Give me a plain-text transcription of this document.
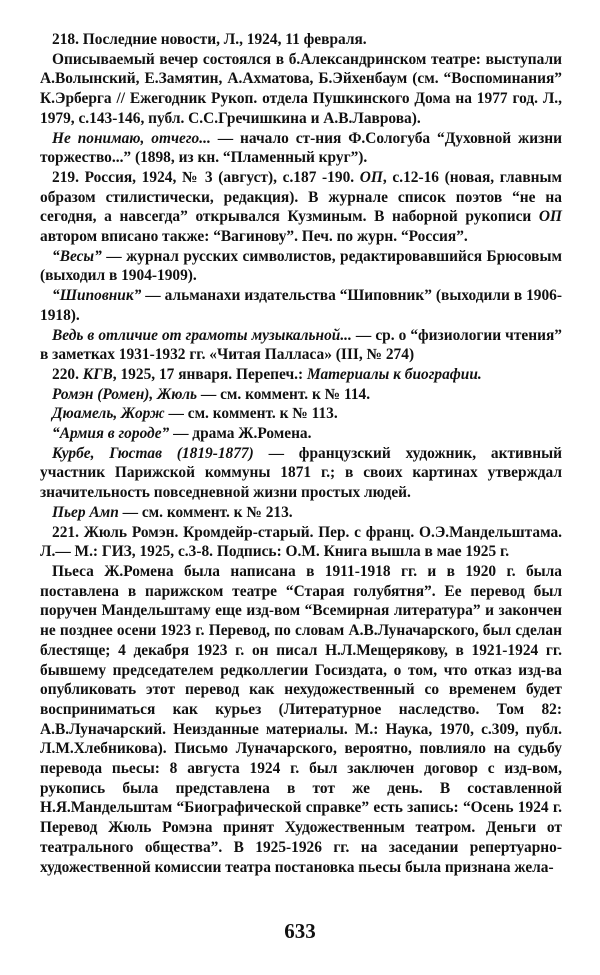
218. Последние новости, Л., 1924, 11 февраля.

Описываемый вечер состоялся в б.Александринском театре: выступали А.Волынский, Е.Замятин, А.Ахматова, Б.Эйхенбаум (см. “Воспоминания” К.Эрберга // Ежегодник Рукоп. отдела Пушкинского Дома на 1977 год. Л., 1979, с.143-146, публ. С.С.Гречишкина и А.В.Лаврова).

Не понимаю, отчего... — начало ст-ния Ф.Сологуба “Духовной жизни торжество...” (1898, из кн. “Пламенный круг”).

219. Россия, 1924, № 3 (август), с.187 -190. ОП, с.12-16 (новая, главным образом стилистически, редакция). В журнале список поэтов “не на сегодня, а навсегда” открывался Кузминым. В наборной рукописи ОП автором вписано также: “Вагинову”. Печ. по журн. “Россия”.

“Весы” — журнал русских символистов, редактировавшийся Брюсовым (выходил в 1904-1909).

“Шиповник” — альманахи издательства “Шиповник” (выходили в 1906-1918).

Ведь в отличие от грамоты музыкальной... — ср. о “физиологии чтения” в заметках 1931-1932 гг. «Читая Палласа» (III, № 274)

220. КГВ, 1925, 17 января. Перепеч.: Материалы к биографии.

Ромэн (Ромен), Жюль — см. коммент. к № 114.

Дюамель, Жорж — см. коммент. к № 113.

“Армия в городе” — драма Ж.Ромена.

Курбе, Гюстав (1819-1877) — французский художник, активный участник Парижской коммуны 1871 г.; в своих картинах утверждал значительность повседневной жизни простых людей.

Пьер Амп — см. коммент. к № 213.

221. Жюль Ромэн. Кромдейр-старый. Пер. с франц. О.Э.Мандельштама. Л.— М.: ГИЗ, 1925, с.3-8. Подпись: О.М. Книга вышла в мае 1925 г.

Пьеса Ж.Ромена была написана в 1911-1918 гг. и в 1920 г. была поставлена в парижском театре “Старая голубятня”. Ее перевод был поручен Мандельштаму еще изд-вом “Всемирная литература” и закончен не позднее осени 1923 г. Перевод, по словам А.В.Луначарского, был сделан блестяще; 4 декабря 1923 г. он писал Н.Л.Мещерякову, в 1921-1924 гг. бывшему председателем редколлегии Госиздата, о том, что отказ изд-ва опубликовать этот перевод как нехудожественный со временем будет восприниматься как курьез (Литературное наследство. Том 82: А.В.Луначарский. Неизданные материалы. М.: Наука, 1970, с.309, публ. Л.М.Хлебникова). Письмо Луначарского, вероятно, повлияло на судьбу перевода пьесы: 8 августа 1924 г. был заключен договор с изд-вом, рукопись была представлена в тот же день. В составленной Н.Я.Мандельштам “Биографической справке” есть запись: “Осень 1924 г. Перевод Жюль Ромэна принят Художественным театром. Деньги от театрального общества”. В 1925-1926 гг. на заседании репертуарно-художественной комиссии театра постановка пьесы была признана жела-

633
